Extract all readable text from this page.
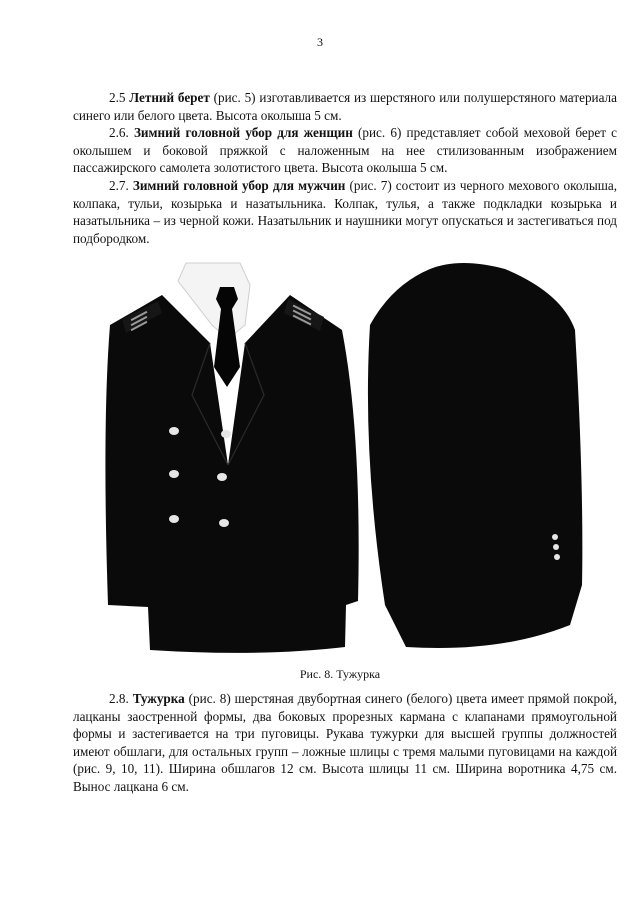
3

2.5 Летний берет (рис. 5) изготавливается из шерстяного или полушерстяного материала синего или белого цвета. Высота околыша 5 см.

2.6. Зимний головной убор для женщин (рис. 6) представляет собой меховой берет с околышем и боковой пряжкой с наложенным на нее стилизованным изображением пассажирского самолета золотистого цвета. Высота околыша 5 см.

2.7. Зимний головной убор для мужчин (рис. 7) состоит из черного мехового околыша, колпака, тульи, козырька и назатыльника. Колпак, тулья, а также подкладки козырька и назатыльника – из черной кожи. Назатыльник и наушники могут опускаться и застегиваться под подбородком.

Рис. 8. Тужурка

2.8. Тужурка (рис. 8) шерстяная двубортная синего (белого) цвета имеет прямой покрой, лацканы заостренной формы, два боковых прорезных кармана с клапанами прямоугольной формы и застегивается на три пуговицы. Рукава тужурки для высшей группы должностей имеют обшлаги, для остальных групп – ложные шлицы с тремя малыми пуговицами на каждой (рис. 9, 10, 11). Ширина обшлагов 12 см. Высота шлицы 11 см. Ширина воротника 4,75 см. Вынос лацкана 6 см.
